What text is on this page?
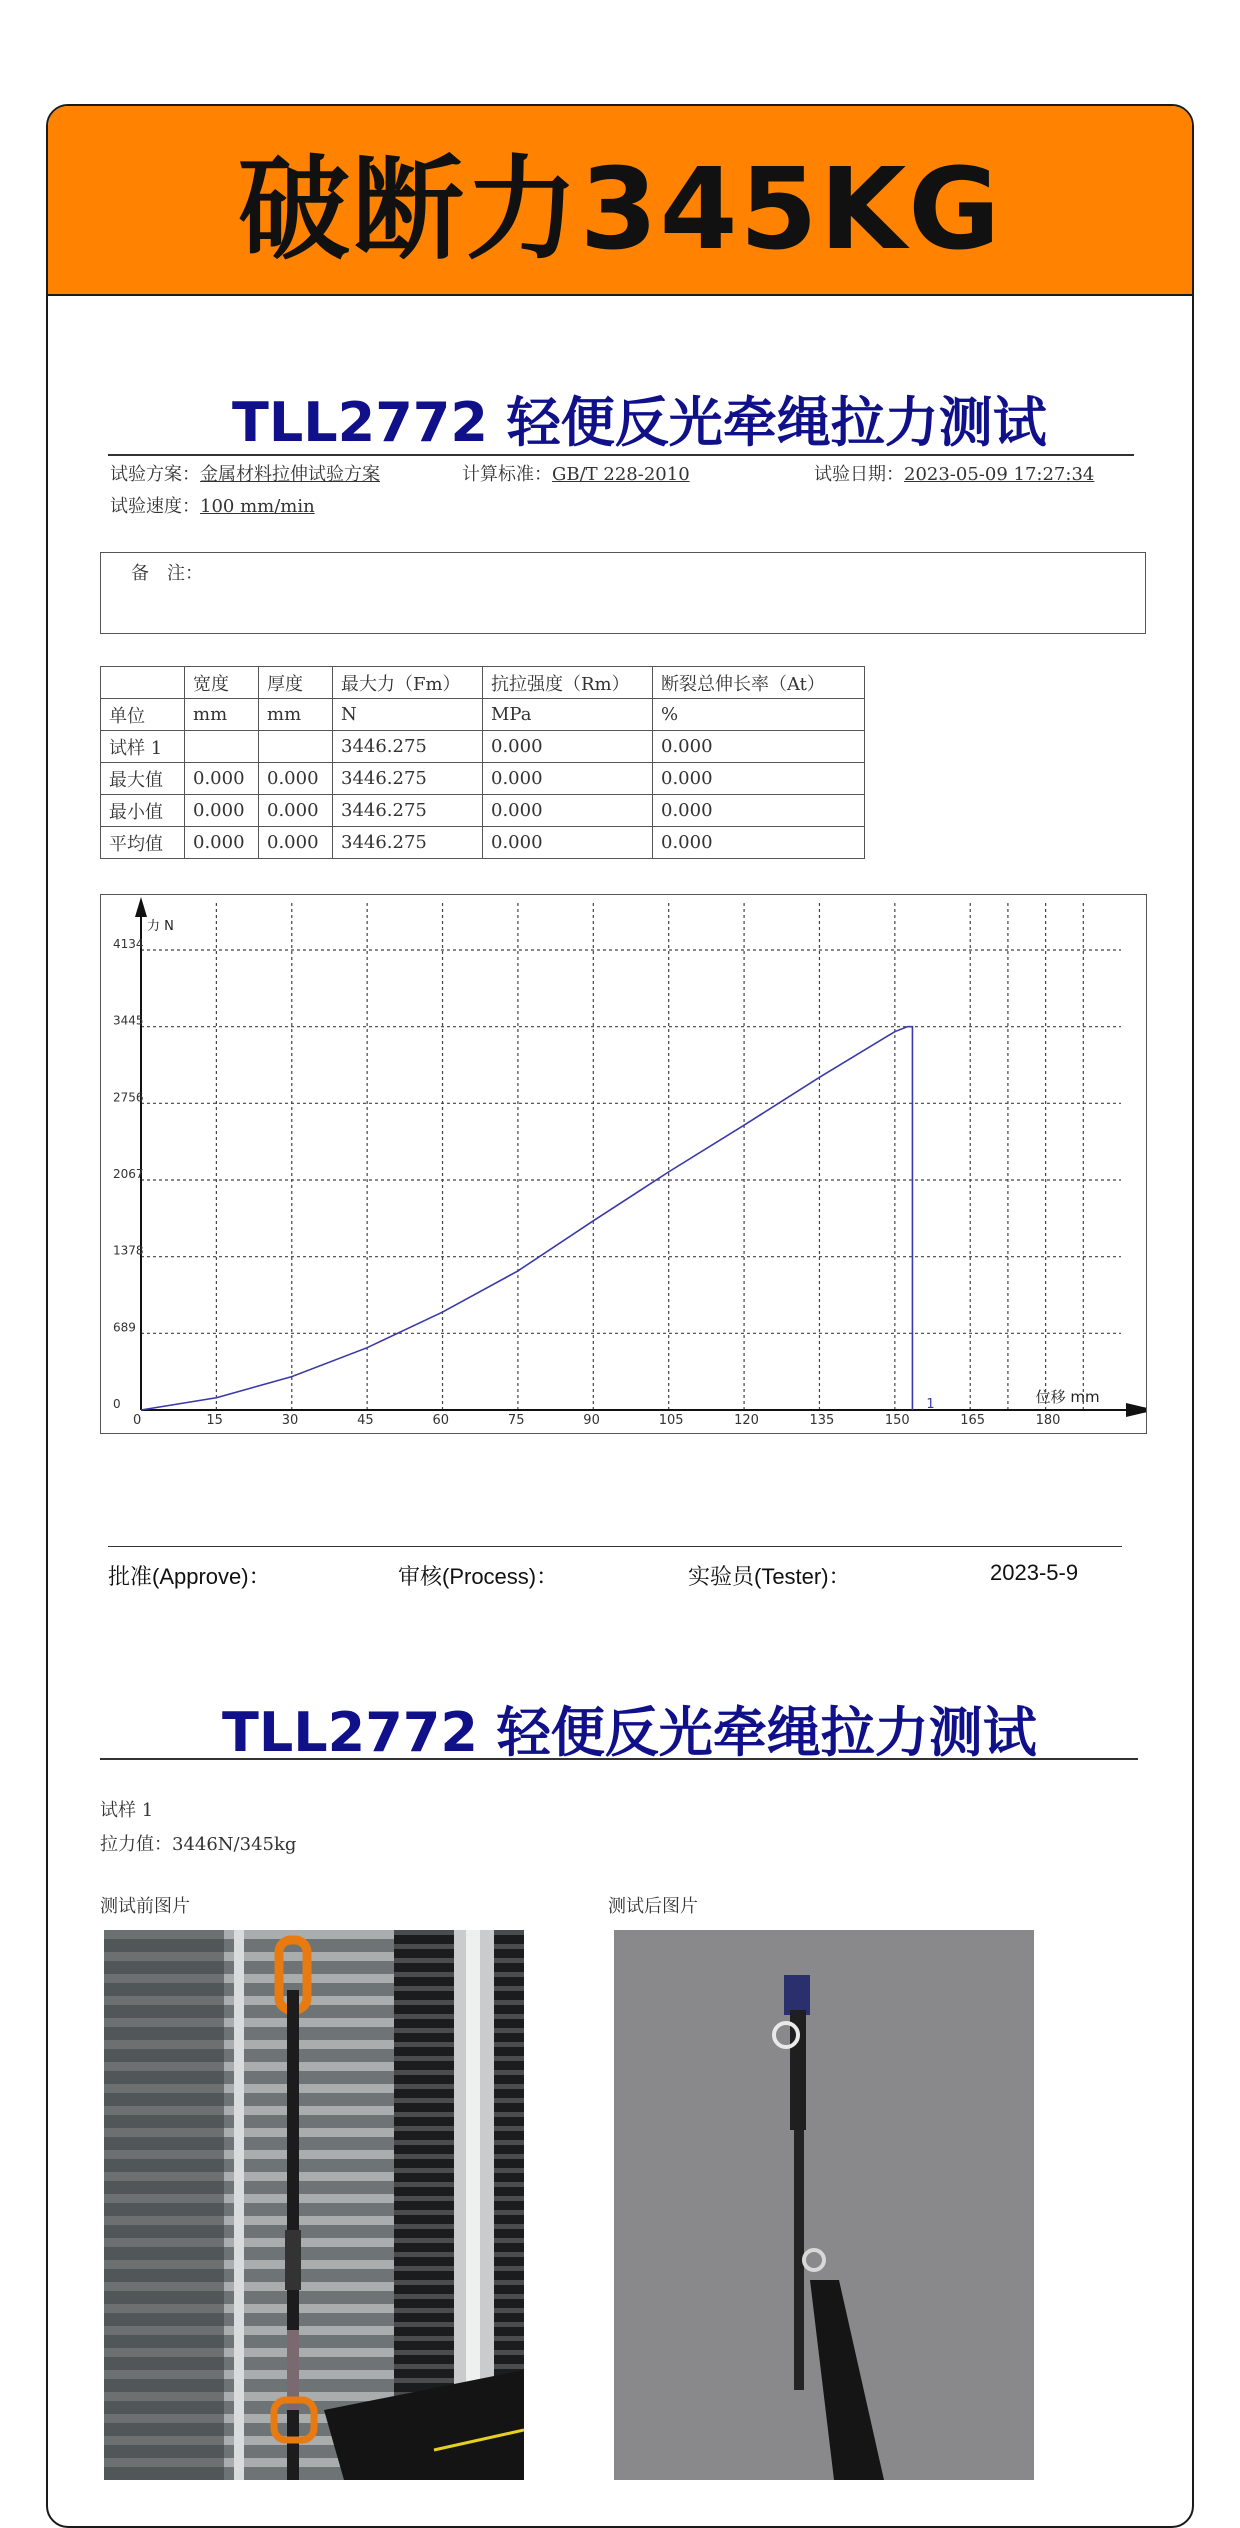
破断力345KG
TLL2772 轻便反光牵绳拉力测试
试验方案：金属材料拉伸试验方案	计算标准：GB/T 228-2010	试验日期：2023-05-09 17:27:34
试验速度：100 mm/min
备　注：
	宽度	厚度	最大力（Fm）	抗拉强度（Rm）	断裂总伸长率（At）
单位	mm	mm	N	MPa	%
试样 1			3446.275	0.000	0.000
最大值	0.000	0.000	3446.275	0.000	0.000
最小值	0.000	0.000	3446.275	0.000	0.000
平均值	0.000	0.000	3446.275	0.000	0.000
0	15	30	45	60	75	90	105	120	135	150	165	180
0
689
1378
2067
2756
3445
4134
力 N
位移 mm
1
批准(Approve)：	审核(Process)：	实验员(Tester)：	2023-5-9
TLL2772 轻便反光牵绳拉力测试
试样 1
拉力值：3446N/345kg
测试前图片	测试后图片
